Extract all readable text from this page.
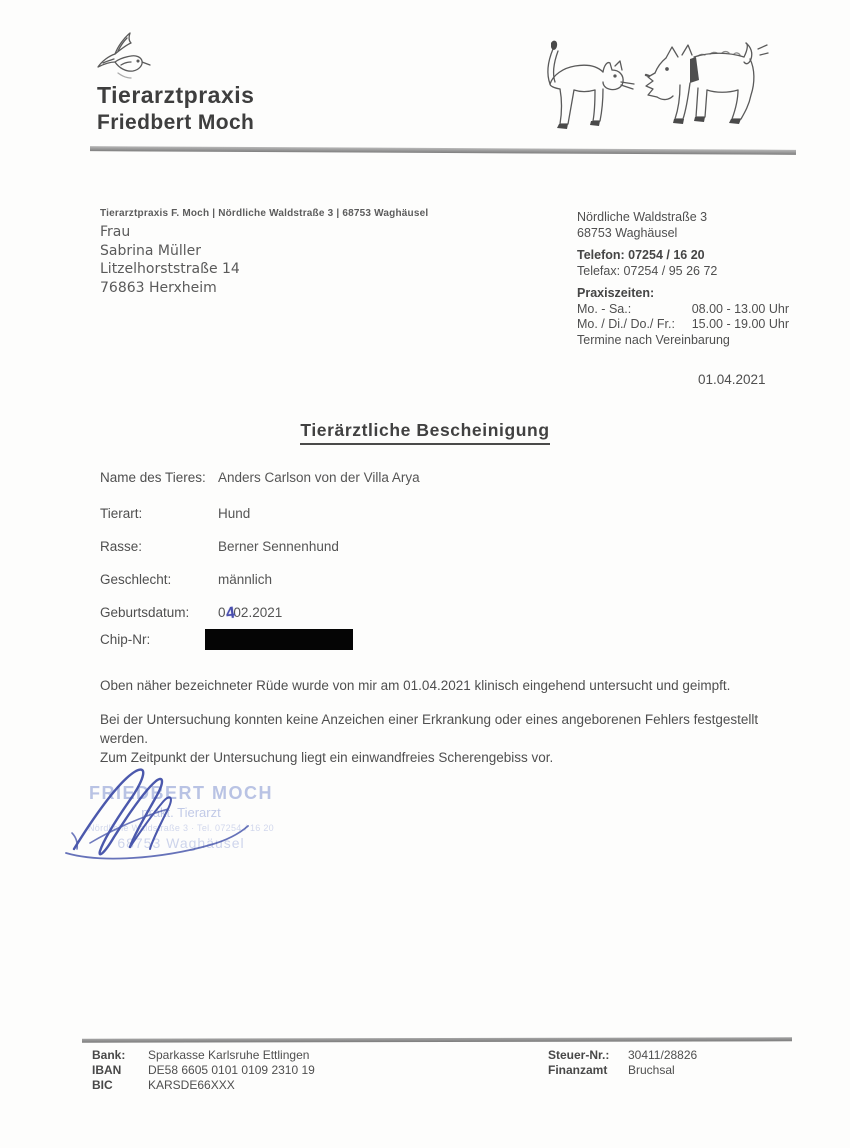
Tierarztpraxis
Friedbert Moch
Tierarztpraxis F. Moch | Nördliche Waldstraße 3 | 68753 Waghäusel
Frau
Sabrina Müller
Litzelhorststraße 14
76863 Herxheim
Nördliche Waldstraße 3
68753 Waghäusel
Telefon: 07254 / 16 20
Telefax: 07254 / 95 26 72
Praxiszeiten:
Mo. - Sa.:	08.00 - 13.00 Uhr
Mo. / Di./ Do./ Fr.: 15.00 - 19.00 Uhr
Termine nach Vereinbarung
01.04.2021
Tierärztliche Bescheinigung
Name des Tieres: Anders Carlson von der Villa Arya
Tierart:	Hund
Rasse:	Berner Sennenhund
Geschlecht:	männlich
Geburtsdatum:	0402.2021
Chip-Nr:
Oben näher bezeichneter Rüde wurde von mir am 01.04.2021 klinisch eingehend untersucht und geimpft.
Bei der Untersuchung konnten keine Anzeichen einer Erkrankung oder eines angeborenen Fehlers festgestellt werden.
Zum Zeitpunkt der Untersuchung liegt ein einwandfreies Scherengebiss vor.
FRIEDBERT MOCH
prakt. Tierarzt
Nördliche Waldstraße 3 · Tel. 07254 / 16 20
68753 Waghäusel
Bank:	Sparkasse Karlsruhe Ettlingen
IBAN	DE58 6605 0101 0109 2310 19
BIC	KARSDE66XXX
Steuer-Nr.:	30411/28826
Finanzamt	Bruchsal
